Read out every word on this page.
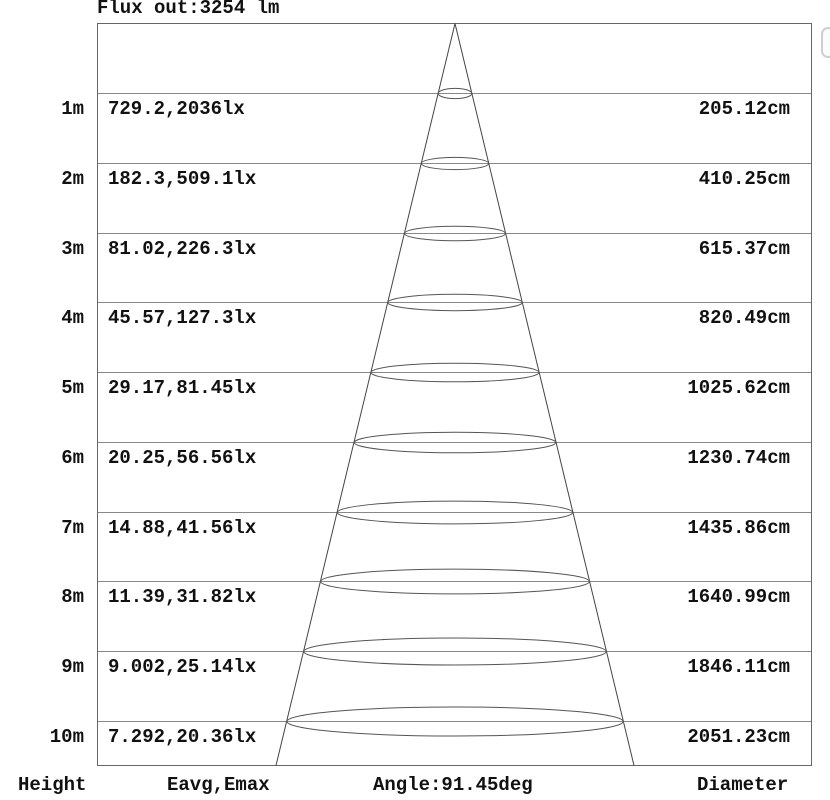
Flux out:3254 lm
1m 729.2,2036lx	205.12cm
2m 182.3,509.1lx	410.25cm
3m 81.02,226.3lx	615.37cm
4m 45.57,127.3lx	820.49cm
5m 29.17,81.45lx	1025.62cm
6m 20.25,56.56lx	1230.74cm
7m 14.88,41.56lx	1435.86cm
8m 11.39,31.82lx	1640.99cm
9m 9.002,25.14lx	1846.11cm
10m 7.292,20.36lx	2051.23cm
Height	Eavg,Emax	Angle:91.45deg	Diameter
